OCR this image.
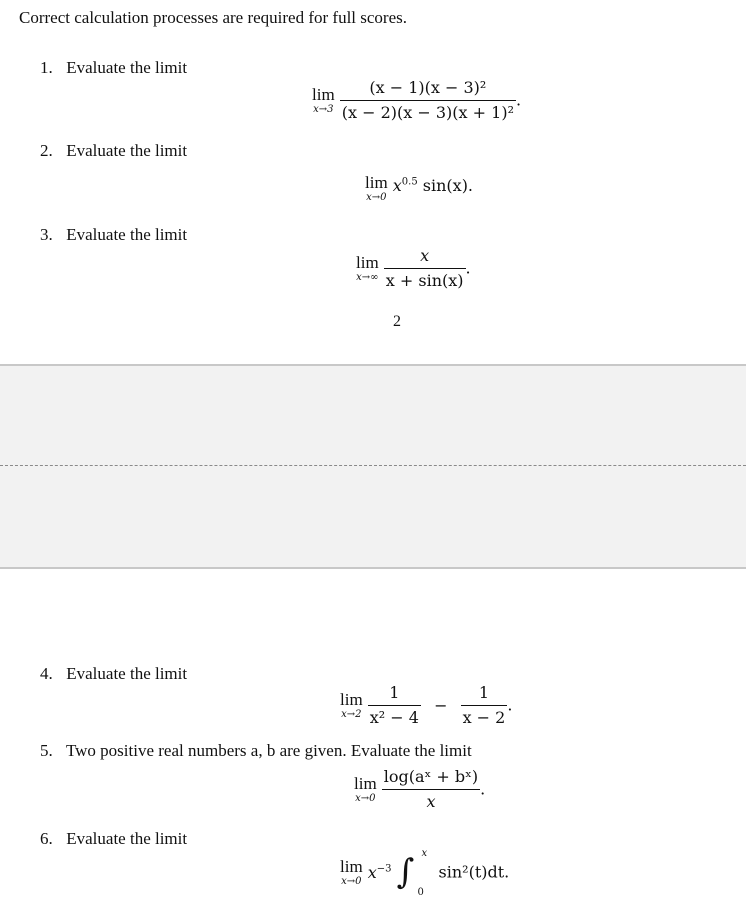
Correct calculation processes are required for full scores.
1. Evaluate the limit
lim
x→3
$\frac{\text{(x − 1)(x − 3)²}}{\text{(x − 2)(x − 3)(x + 1)²}}$ .
2. Evaluate the limit
lim
x→0
$x^{0.5}$ sin(x).
3. Evaluate the limit
lim
x→∞
$\frac{x}{x + \sin(x)}$ .
2
4. Evaluate the limit
lim
x→2
$\frac{1}{\text{x² − 4}} - \frac{1}{x - 2}$ .
5. Two positive real numbers a, b are given. Evaluate the limit
lim
x→0
$\frac{\text{log(aˣ + bˣ)}}{x}$ .
6. Evaluate the limit
lim
x→0 $x^{-3}$ ∫ x
0
sin²(t)dt.
